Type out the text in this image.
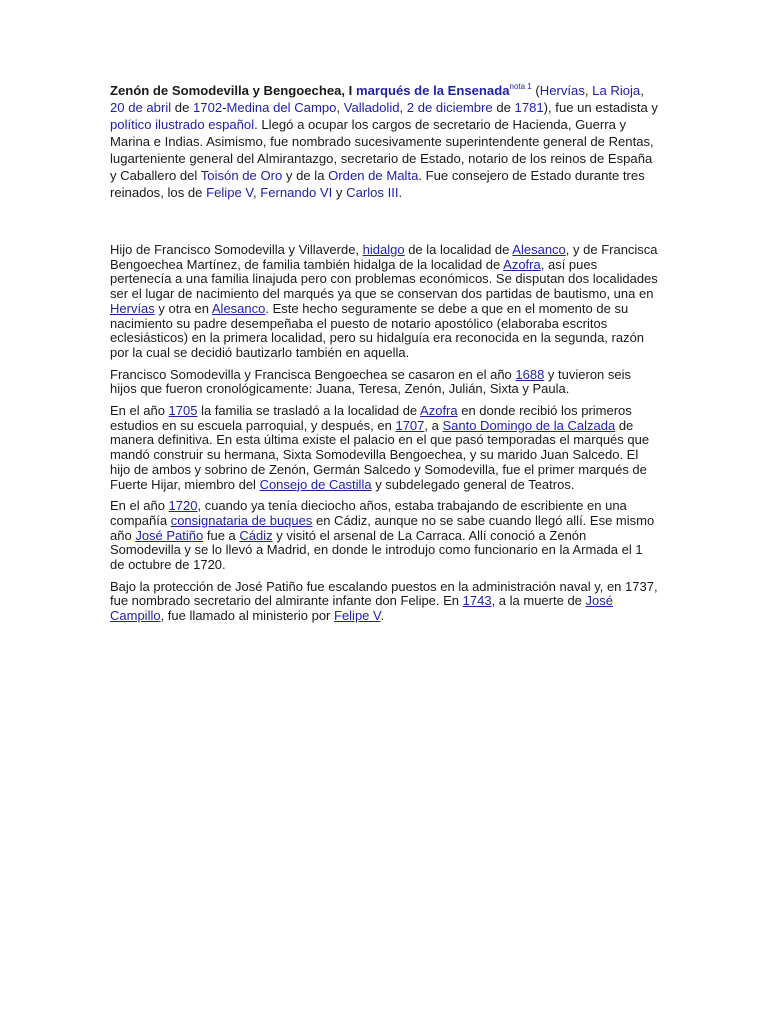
Zenón de Somodevilla y Bengoechea, I marqués de la Ensenada$^{nota 1}$ (Hervías, La Rioja, 20 de abril de 1702-Medina del Campo, Valladolid, 2 de diciembre de 1781), fue un estadista y político ilustrado español. Llegó a ocupar los cargos de secretario de Hacienda, Guerra y Marina e Indias. Asimismo, fue nombrado sucesivamente superintendente general de Rentas, lugarteniente general del Almirantazgo, secretario de Estado, notario de los reinos de España y Caballero del Toisón de Oro y de la Orden de Malta. Fue consejero de Estado durante tres reinados, los de Felipe V, Fernando VI y Carlos III.

Hijo de Francisco Somodevilla y Villaverde, hidalgo de la localidad de Alesanco, y de Francisca Bengoechea Martínez, de familia también hidalga de la localidad de Azofra, así pues pertenecía a una familia linajuda pero con problemas económicos. Se disputan dos localidades ser el lugar de nacimiento del marqués ya que se conservan dos partidas de bautismo, una en Hervías y otra en Alesanco. Este hecho seguramente se debe a que en el momento de su nacimiento su padre desempeñaba el puesto de notario apostólico (elaboraba escritos eclesiásticos) en la primera localidad, pero su hidalguía era reconocida en la segunda, razón por la cual se decidió bautizarlo también en aquella.

Francisco Somodevilla y Francisca Bengoechea se casaron en el año 1688 y tuvieron seis hijos que fueron cronológicamente: Juana, Teresa, Zenón, Julián, Sixta y Paula.

En el año 1705 la familia se trasladó a la localidad de Azofra en donde recibió los primeros estudios en su escuela parroquial, y después, en 1707, a Santo Domingo de la Calzada de manera definitiva. En esta última existe el palacio en el que pasó temporadas el marqués que mandó construir su hermana, Sixta Somodevilla Bengoechea, y su marido Juan Salcedo. El hijo de ambos y sobrino de Zenón, Germán Salcedo y Somodevilla, fue el primer marqués de Fuerte Hijar, miembro del Consejo de Castilla y subdelegado general de Teatros.

En el año 1720, cuando ya tenía dieciocho años, estaba trabajando de escribiente en una compañía consignataria de buques en Cádiz, aunque no se sabe cuando llegó allí. Ese mismo año José Patiño fue a Cádiz y visitó el arsenal de La Carraca. Allí conoció a Zenón Somodevilla y se lo llevó a Madrid, en donde le introdujo como funcionario en la Armada el 1 de octubre de 1720.

Bajo la protección de José Patiño fue escalando puestos en la administración naval y, en 1737, fue nombrado secretario del almirante infante don Felipe. En 1743, a la muerte de José Campillo, fue llamado al ministerio por Felipe V.
